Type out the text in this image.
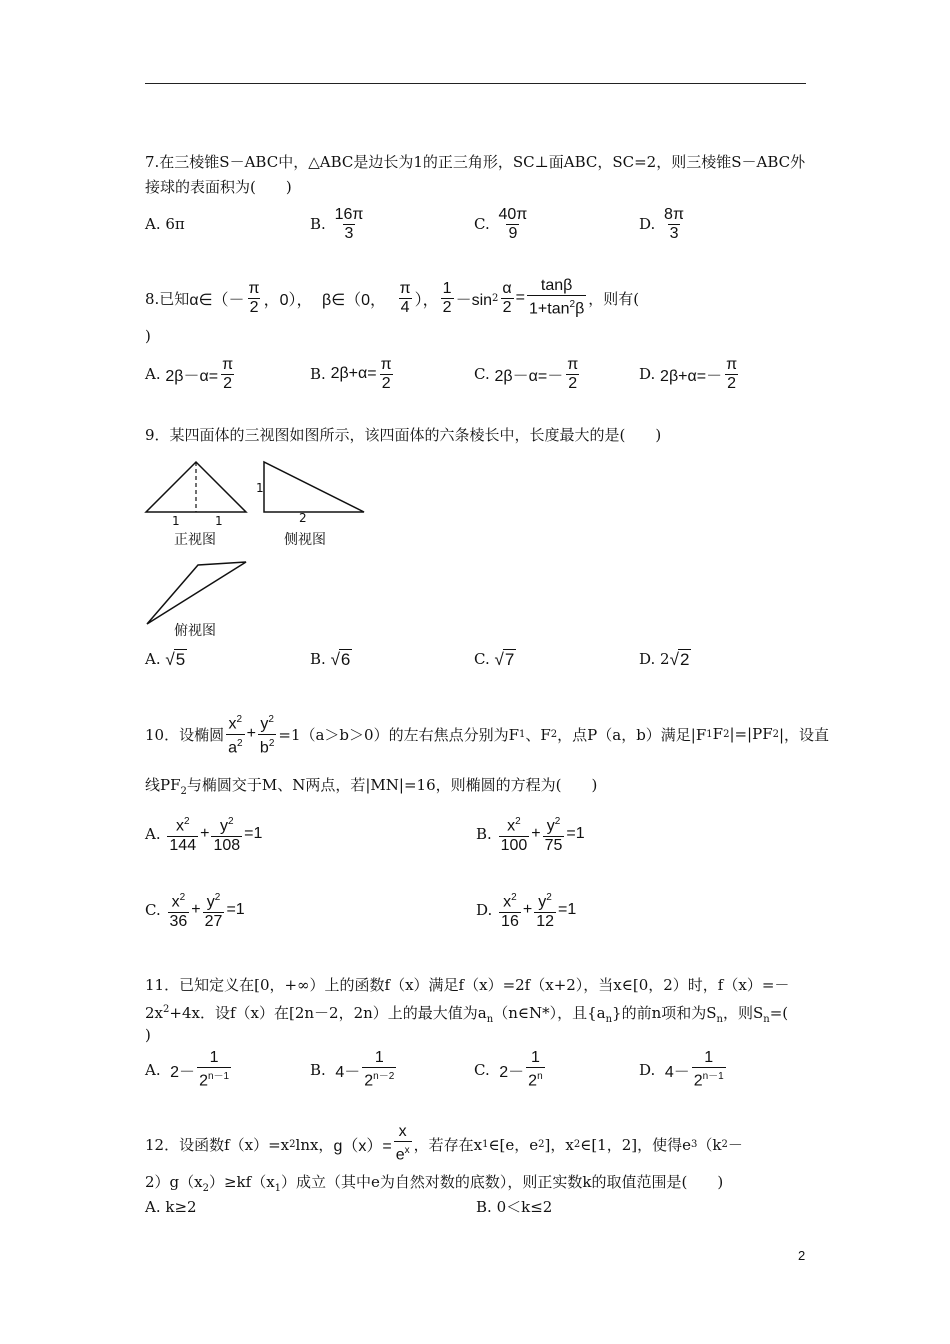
7.在三棱锥S－ABC中，△ABC是边长为1的正三角形，SC⊥面ABC，SC=2，则三棱锥S－ABC外
接球的表面积为(　　)
A.
6π	B.
$\frac{16\pi}{3}$	C.
$\frac{40\pi}{9}$	D.
$\frac{8\pi}{3}$
8.已知 α∈（－ $\frac{\pi}{2}$ ，0），
β∈（0，
$\frac{\pi}{4}$ ）， $\frac{1}{2} -\sin$ $2 \frac{\alpha}{2} = \frac{\tan\beta}{1+\tan^2\beta}$ ，则有(
)
A.
$2\beta-\alpha= \frac{\pi}{2}$	B.
$2\beta+\alpha= \frac{\pi}{2}$	C.
$2\beta-\alpha=- \frac{\pi}{2}$	D.
$2\beta+\alpha=- \frac{\pi}{2}$
9．某四面体的三视图如图所示，该四面体的六条棱长中，长度最大的是(　　)
1	1
1
2
正视图	侧视图
俯视图
A.
√ 5	B.
√ 6	C.
√ 7	D.
2 √ 2
10．设椭圆 $\frac{x^2}{a^2} + \frac{y^2}{b^2} =1(a>b>0)$的左右焦点分别为F 1 、F 2 ，点P（a，b）满足|F 1 F 2 |=|PF 2 |，设直
线$PF_2$与椭圆交于M、N两点，若|MN|=16，则椭圆的方程为(　　)
A.
$\frac{x^2}{144} + \frac{y^2}{108} =1$	B.
$\frac{x^2}{100} + \frac{y^2}{75} =1$
C.
$\frac{x^2}{36} + \frac{y^2}{27} =1$	D.
$\frac{x^2}{16} + \frac{y^2}{12} =1$
11．已知定义在[0，+∞）上的函数f（x）满足f（x）=2f（x+2），当x∈[0，2）时，f（x）=－
$2x^2+4x$．设f（x）在[2n－2，2n）上的最大值为$a_n(n\in N*)$，且$\{a_n\}$的前n项和为$S_n$，则$S_n=$(
)
A.
$2- \frac{1}{2^{n-1}}$	B.
$4- \frac{1}{2^{n-2}}$	C.
$2- \frac{1}{2^n}$	D.
$4- \frac{1}{2^{n-1}}$
12．设函数f（x）=x 2 lnx， $g(x)= \frac{x}{e^x}$ ，若存在x 1 ∈[e，e 2 ]，x 2 ∈[1，2]，使得e 3 （k 2 －
$2)g(x_2)\ge kf(x_1)$成立（其中e为自然对数的底数），则正实数k的取值范围是(　　)
A. k≥2	B. 0＜k≤2
2
